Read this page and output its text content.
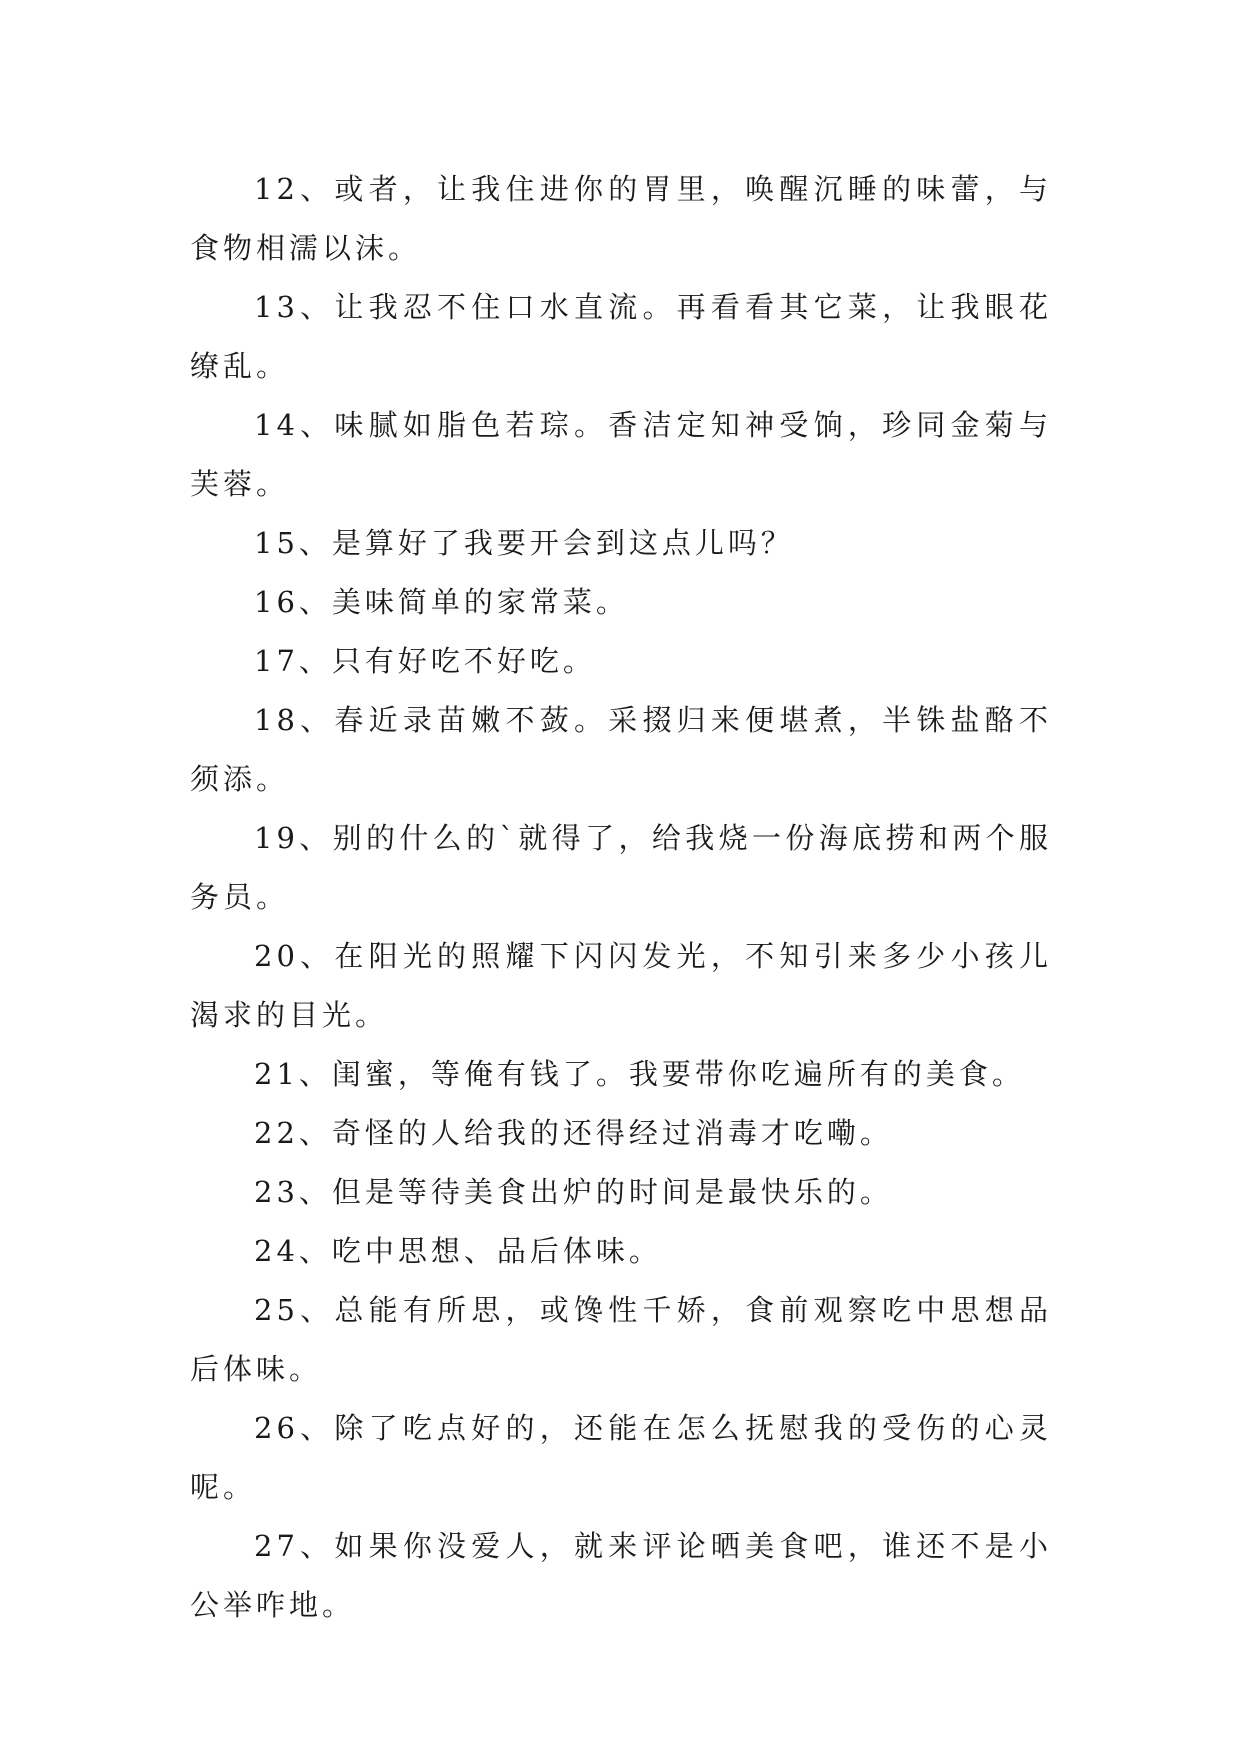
12、或者，让我住进你的胃里，唤醒沉睡的味蕾，与食物相濡以沫。

13、让我忍不住口水直流。再看看其它菜，让我眼花缭乱。

14、味腻如脂色若琮。香洁定知神受饷，珍同金菊与芙蓉。

15、是算好了我要开会到这点儿吗？

16、美味简单的家常菜。

17、只有好吃不好吃。

18、春近录苗嫩不蔹。采掇归来便堪煮，半铢盐酪不须添。

19、别的什么的`就得了，给我烧一份海底捞和两个服务员。

20、在阳光的照耀下闪闪发光，不知引来多少小孩儿渴求的目光。

21、闺蜜，等俺有钱了。我要带你吃遍所有的美食。

22、奇怪的人给我的还得经过消毒才吃嘞。

23、但是等待美食出炉的时间是最快乐的。

24、吃中思想、品后体味。

25、总能有所思，或馋性千娇，食前观察吃中思想品后体味。

26、除了吃点好的，还能在怎么抚慰我的受伤的心灵呢。

27、如果你没爱人，就来评论晒美食吧，谁还不是小公举咋地。
